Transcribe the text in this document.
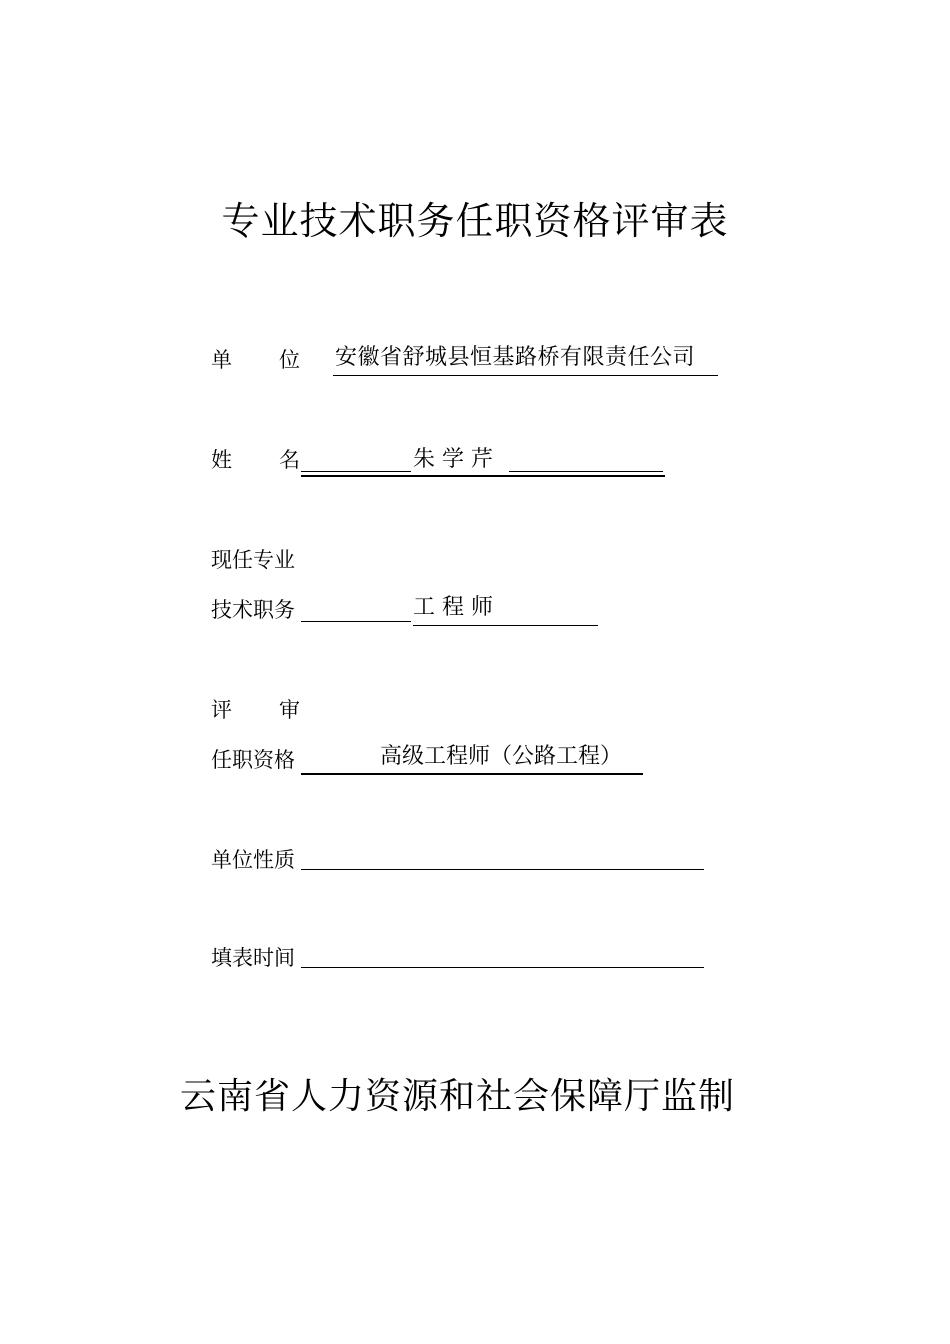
专业技术职务任职资格评审表
单 位 安徽省舒城县恒基路桥有限责任公司
姓 名	朱 学 芹
现任专业
技术职务	工 程 师
评 审
任职资格	高级工程师（公路工程）
单位性质
填表时间
云南省人力资源和社会保障厅监制
